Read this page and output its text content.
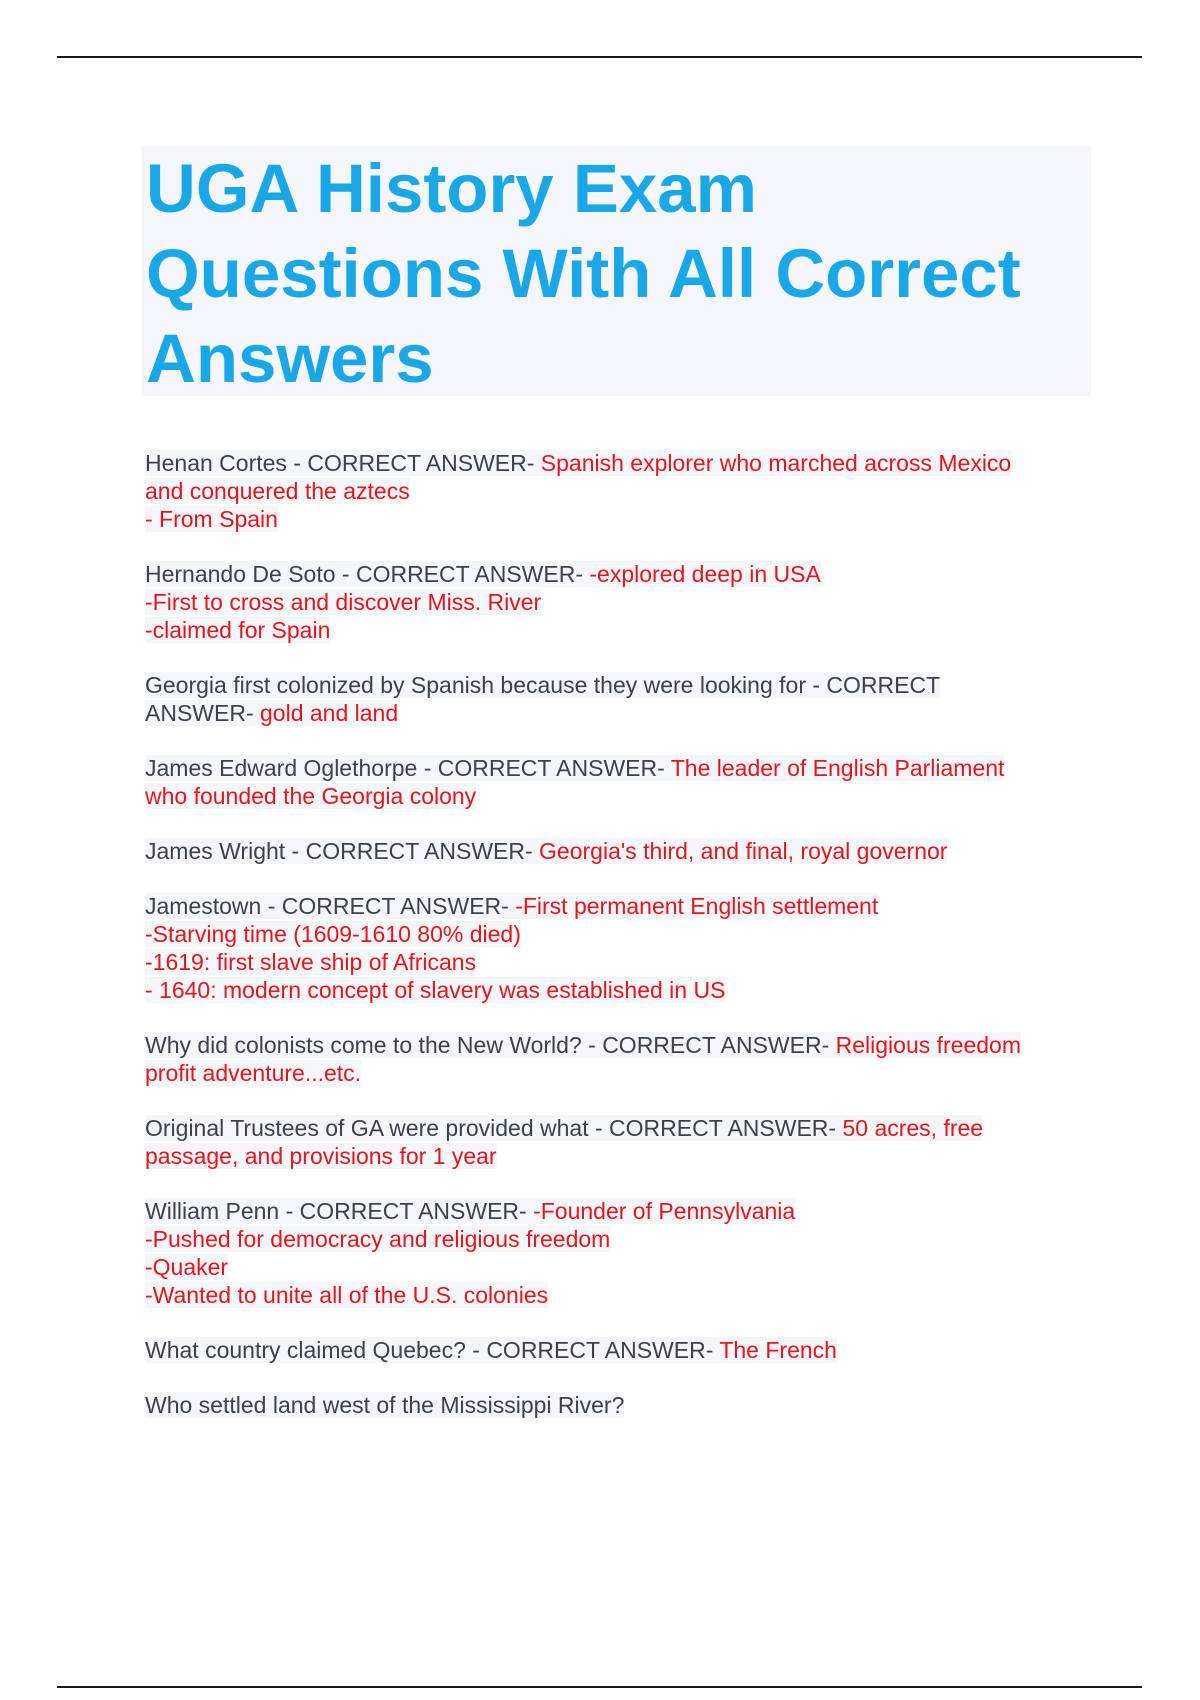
UGA History Exam Questions With All Correct Answers
Henan Cortes - CORRECT ANSWER- Spanish explorer who marched across Mexico
and conquered the aztecs
- From Spain
Hernando De Soto - CORRECT ANSWER- -explored deep in USA
-First to cross and discover Miss. River
-claimed for Spain
Georgia first colonized by Spanish because they were looking for - CORRECT
ANSWER- gold and land
James Edward Oglethorpe - CORRECT ANSWER- The leader of English Parliament
who founded the Georgia colony
James Wright - CORRECT ANSWER- Georgia's third, and final, royal governor
Jamestown - CORRECT ANSWER- -First permanent English settlement
-Starving time (1609-1610 80% died)
-1619: first slave ship of Africans
- 1640: modern concept of slavery was established in US
Why did colonists come to the New World? - CORRECT ANSWER- Religious freedom
profit adventure...etc.
Original Trustees of GA were provided what - CORRECT ANSWER- 50 acres, free
passage, and provisions for 1 year
William Penn - CORRECT ANSWER- -Founder of Pennsylvania
-Pushed for democracy and religious freedom
-Quaker
-Wanted to unite all of the U.S. colonies
What country claimed Quebec? - CORRECT ANSWER- The French
Who settled land west of the Mississippi River?
